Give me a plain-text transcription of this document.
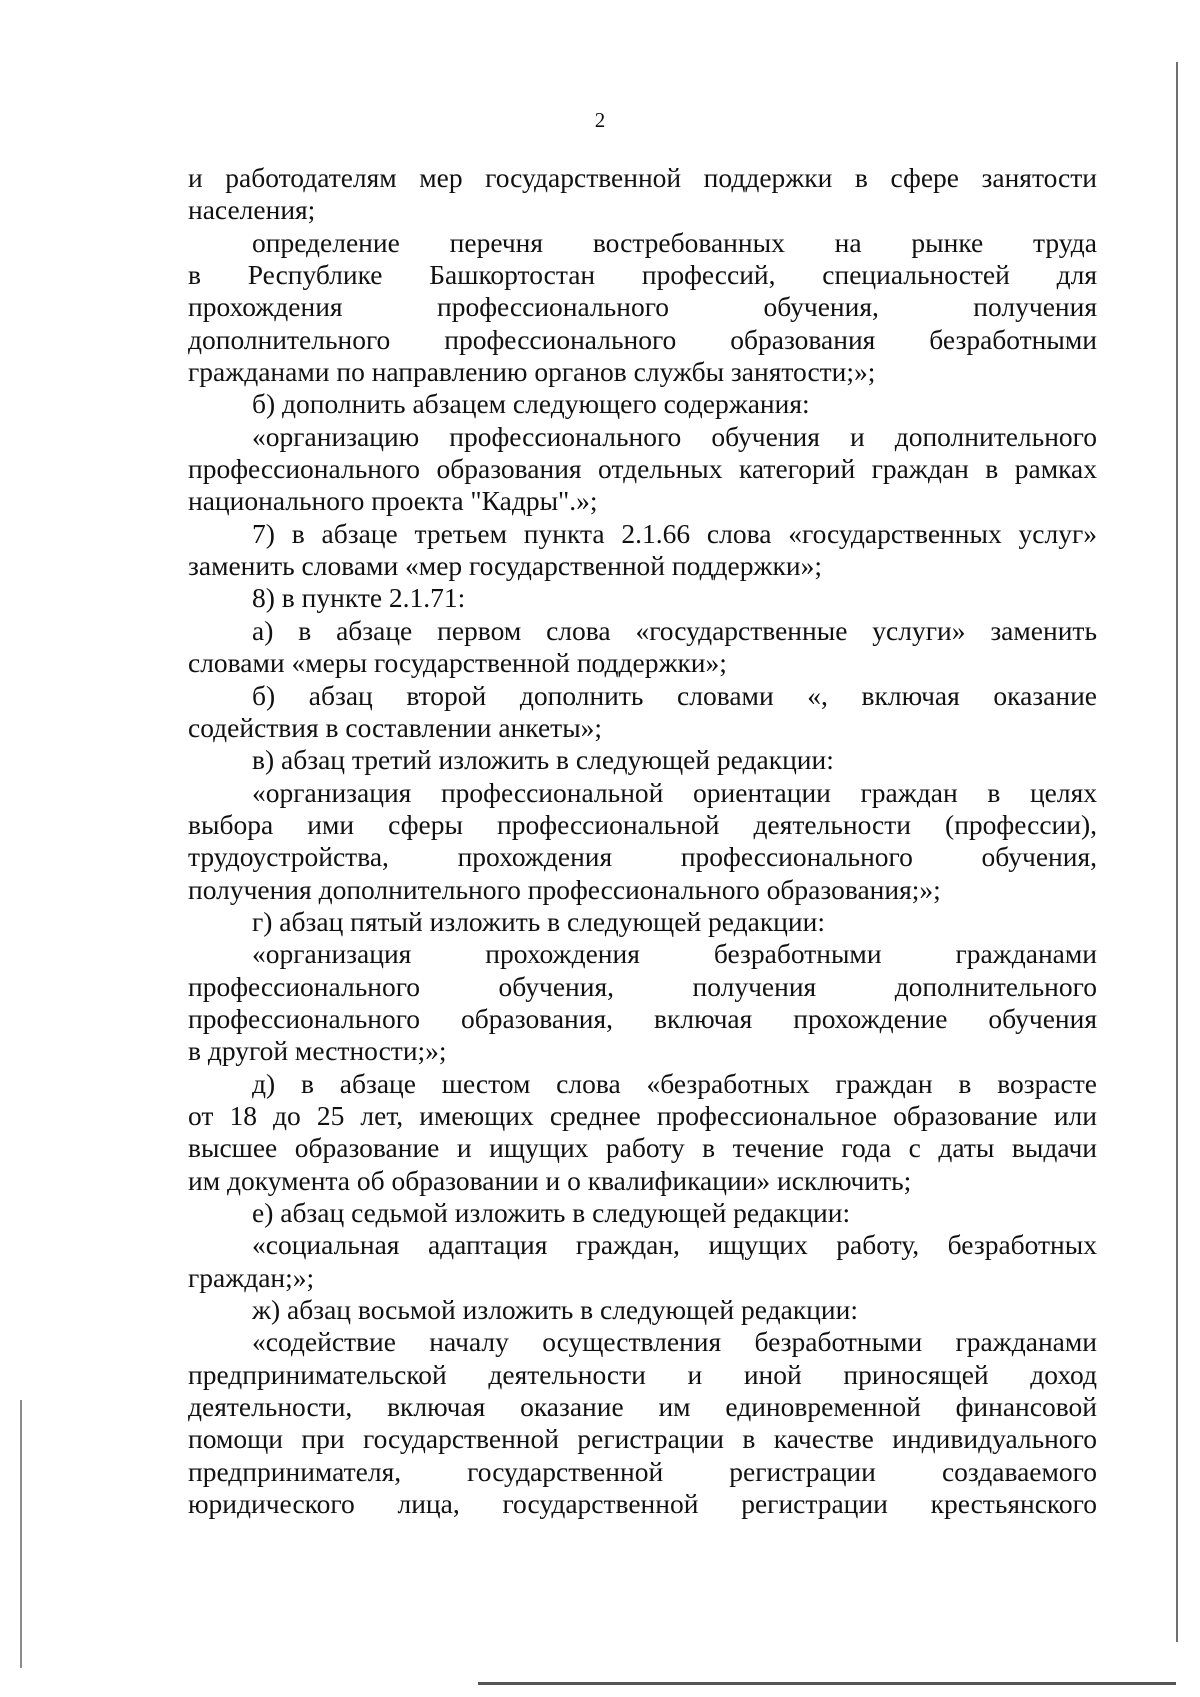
2
и работодателям мер государственной поддержки в сфере занятости
населения;
определение перечня востребованных на рынке труда
в Республике Башкортостан профессий, специальностей для
прохождения профессионального обучения, получения
дополнительного профессионального образования безработными
гражданами по направлению органов службы занятости;»;
б) дополнить абзацем следующего содержания:
«организацию профессионального обучения и дополнительного
профессионального образования отдельных категорий граждан в рамках
национального проекта "Кадры".»;
7) в абзаце третьем пункта 2.1.66 слова «государственных услуг»
заменить словами «мер государственной поддержки»;
8) в пункте 2.1.71:
а) в абзаце первом слова «государственные услуги» заменить
словами «меры государственной поддержки»;
б) абзац второй дополнить словами «, включая оказание
содействия в составлении анкеты»;
в) абзац третий изложить в следующей редакции:
«организация профессиональной ориентации граждан в целях
выбора ими сферы профессиональной деятельности (профессии),
трудоустройства, прохождения профессионального обучения,
получения дополнительного профессионального образования;»;
г) абзац пятый изложить в следующей редакции:
«организация прохождения безработными гражданами
профессионального обучения, получения дополнительного
профессионального образования, включая прохождение обучения
в другой местности;»;
д) в абзаце шестом слова «безработных граждан в возрасте
от 18 до 25 лет, имеющих среднее профессиональное образование или
высшее образование и ищущих работу в течение года с даты выдачи
им документа об образовании и о квалификации» исключить;
е) абзац седьмой изложить в следующей редакции:
«социальная адаптация граждан, ищущих работу, безработных
граждан;»;
ж) абзац восьмой изложить в следующей редакции:
«содействие началу осуществления безработными гражданами
предпринимательской деятельности и иной приносящей доход
деятельности, включая оказание им единовременной финансовой
помощи при государственной регистрации в качестве индивидуального
предпринимателя, государственной регистрации создаваемого
юридического лица, государственной регистрации крестьянского
